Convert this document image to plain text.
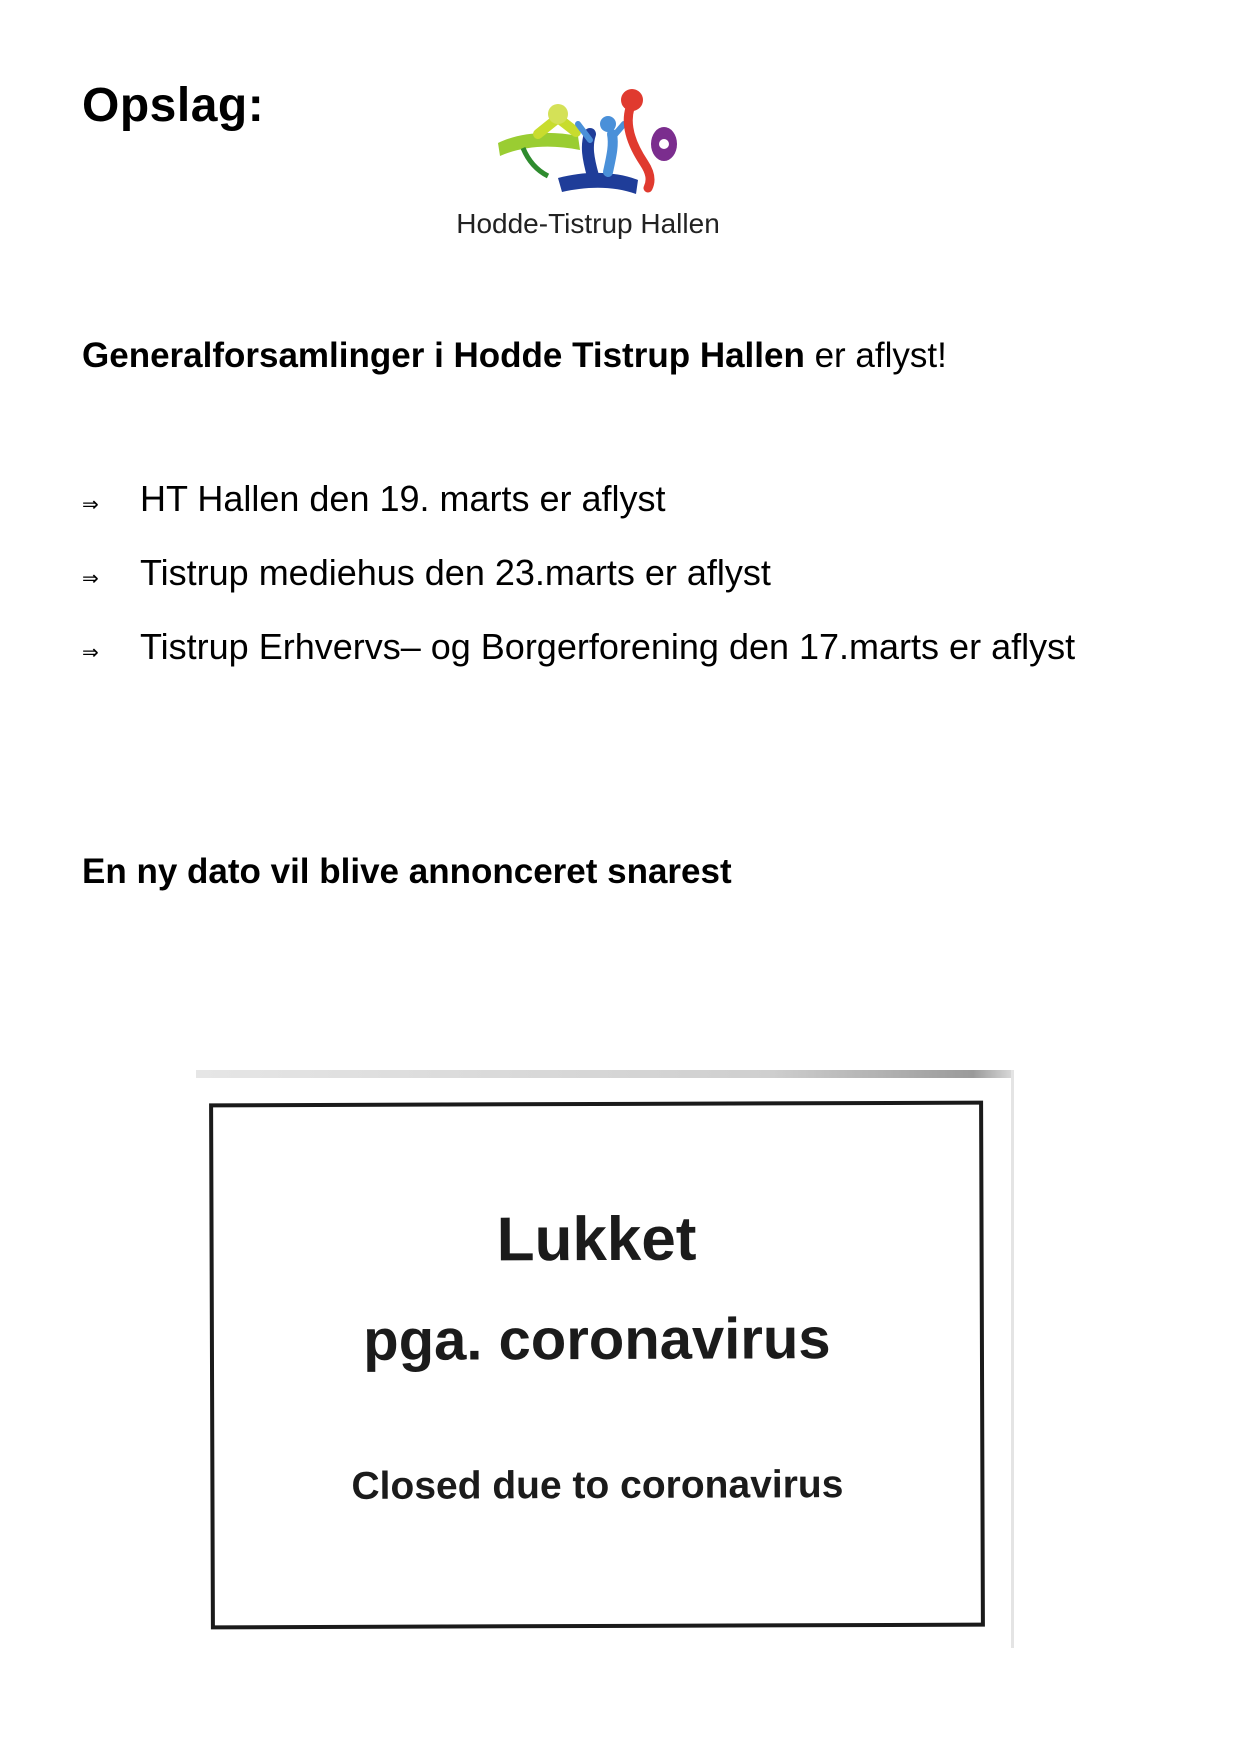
Opslag:
Hodde-Tistrup Hallen

Generalforsamlinger i Hodde Tistrup Hallen er aflyst!

⇒ HT Hallen den 19. marts er aflyst
⇒ Tistrup mediehus den 23.marts er aflyst
⇒ Tistrup Erhvervs– og Borgerforening den 17.marts er aflyst

En ny dato vil blive annonceret snarest

Lukket
pga. coronavirus
Closed due to coronavirus
